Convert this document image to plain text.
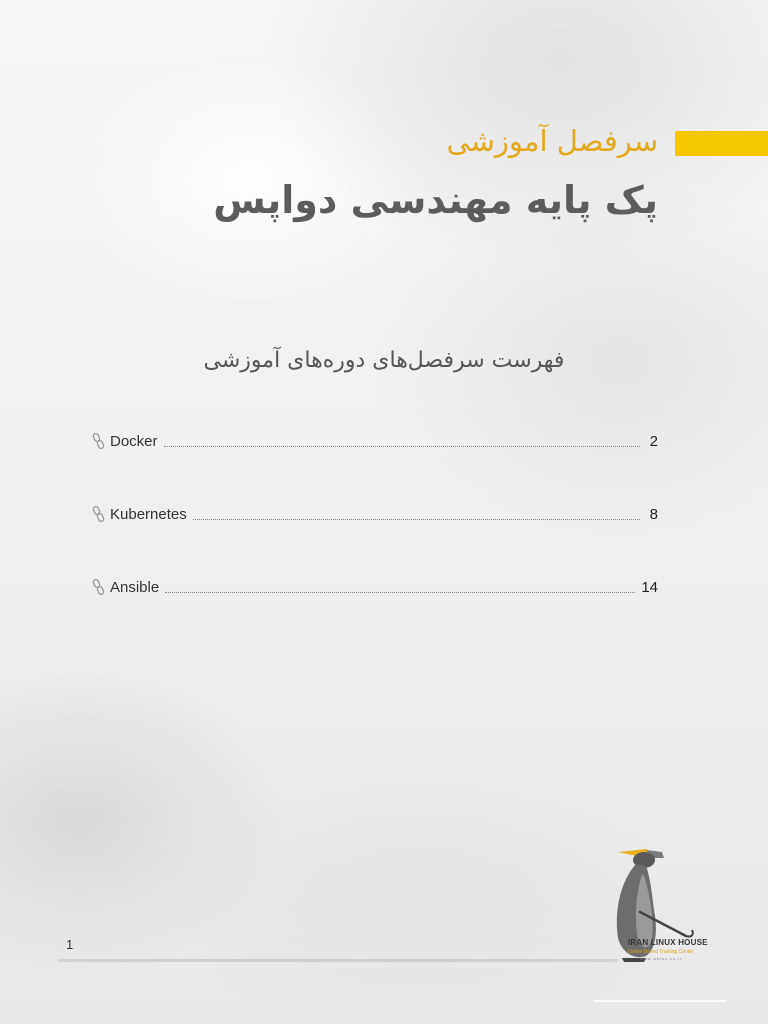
سرفصل آموزشی
پک پایه مهندسی دواپس
فهرست سرفصل‌های دوره‌های آموزشی
Docker	2
Kubernetes	8
Ansible	14
IRAN LINUX HOUSE
Online Based Training Center
www.ahlxx.co.ir
1
